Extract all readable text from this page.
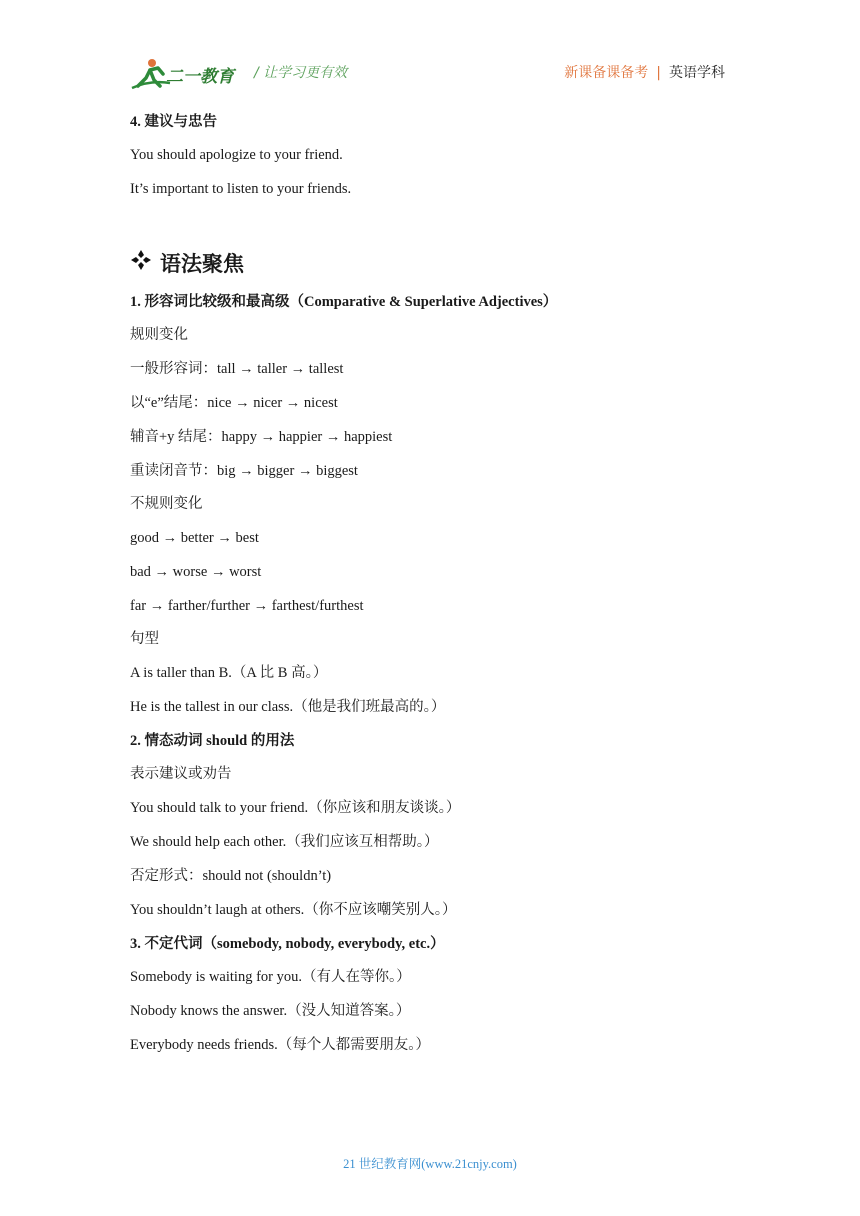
二一教育 / 让学习更有效	新课备课备考 | 英语学科
4. 建议与忠告
You should apologize to your friend.
It’s important to listen to your friends.
语法聚焦
1. 形容词比较级和最高级（Comparative & Superlative Adjectives）
规则变化
一般形容词：tall → taller → tallest
以“e”结尾：nice → nicer → nicest
辅音+y 结尾：happy → happier → happiest
重读闭音节：big → bigger → biggest
不规则变化
good → better → best
bad → worse → worst
far → farther/further → farthest/furthest
句型
A is taller than B.（A 比 B 高。）
He is the tallest in our class.（他是我们班最高的。）
2. 情态动词 should 的用法
表示建议或劝告
You should talk to your friend.（你应该和朋友谈谈。）
We should help each other.（我们应该互相帮助。）
否定形式：should not (shouldn’t)
You shouldn’t laugh at others.（你不应该嘲笑别人。）
3. 不定代词（somebody, nobody, everybody, etc.）
Somebody is waiting for you.（有人在等你。）
Nobody knows the answer.（没人知道答案。）
Everybody needs friends.（每个人都需要朋友。）
21 世纪教育网(www.21cnjy.com)
